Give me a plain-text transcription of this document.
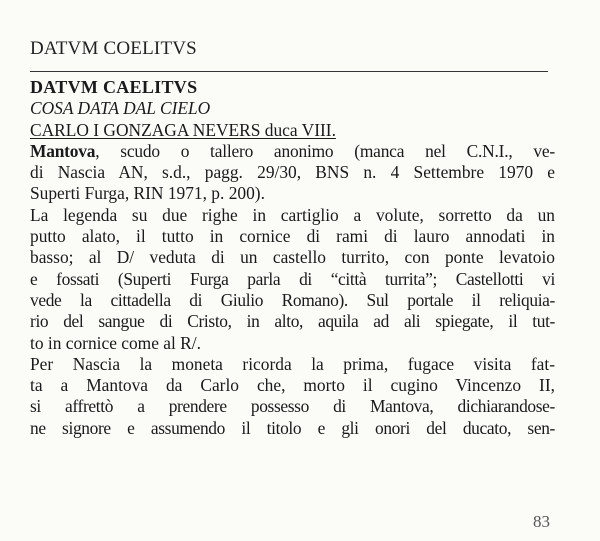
DATVM COELITVS

DATVM CAELITVS

COSA DATA DAL CIELO

CARLO I GONZAGA NEVERS duca VIII.

Mantova, scudo o tallero anonimo (manca nel C.N.I., ve-
di Nascia AN, s.d., pagg. 29/30, BNS n. 4 Settembre 1970 e
Superti Furga, RIN 1971, p. 200).
La legenda su due righe in cartiglio a volute, sorretto da un
putto alato, il tutto in cornice di rami di lauro annodati in
basso; al D/ veduta di un castello turrito, con ponte levatoio
e fossati (Superti Furga parla di “città turrita”; Castellotti vi
vede la cittadella di Giulio Romano). Sul portale il reliquia-
rio del sangue di Cristo, in alto, aquila ad ali spiegate, il tut-
to in cornice come al R/.
Per Nascia la moneta ricorda la prima, fugace visita fat-
ta a Mantova da Carlo che, morto il cugino Vincenzo II,
si affrettò a prendere possesso di Mantova, dichiarandose-
ne signore e assumendo il titolo e gli onori del ducato, sen-
83
